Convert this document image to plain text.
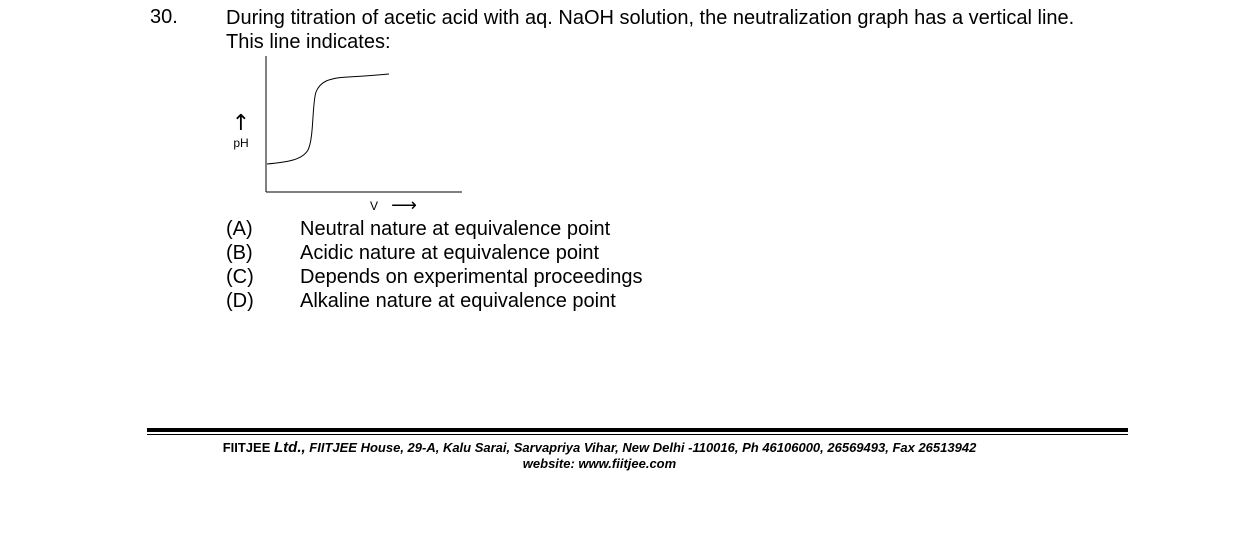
30. During titration of acetic acid with aq. NaOH solution, the neutralization graph has a vertical line.
This line indicates:
↑
pH
V ⟶
(A) Neutral nature at equivalence point
(B) Acidic nature at equivalence point
(C) Depends on experimental proceedings
(D) Alkaline nature at equivalence point
FIITJEE Ltd., FIITJEE House, 29-A, Kalu Sarai, Sarvapriya Vihar, New Delhi -110016, Ph 46106000, 26569493, Fax 26513942
website: www.fiitjee.com
